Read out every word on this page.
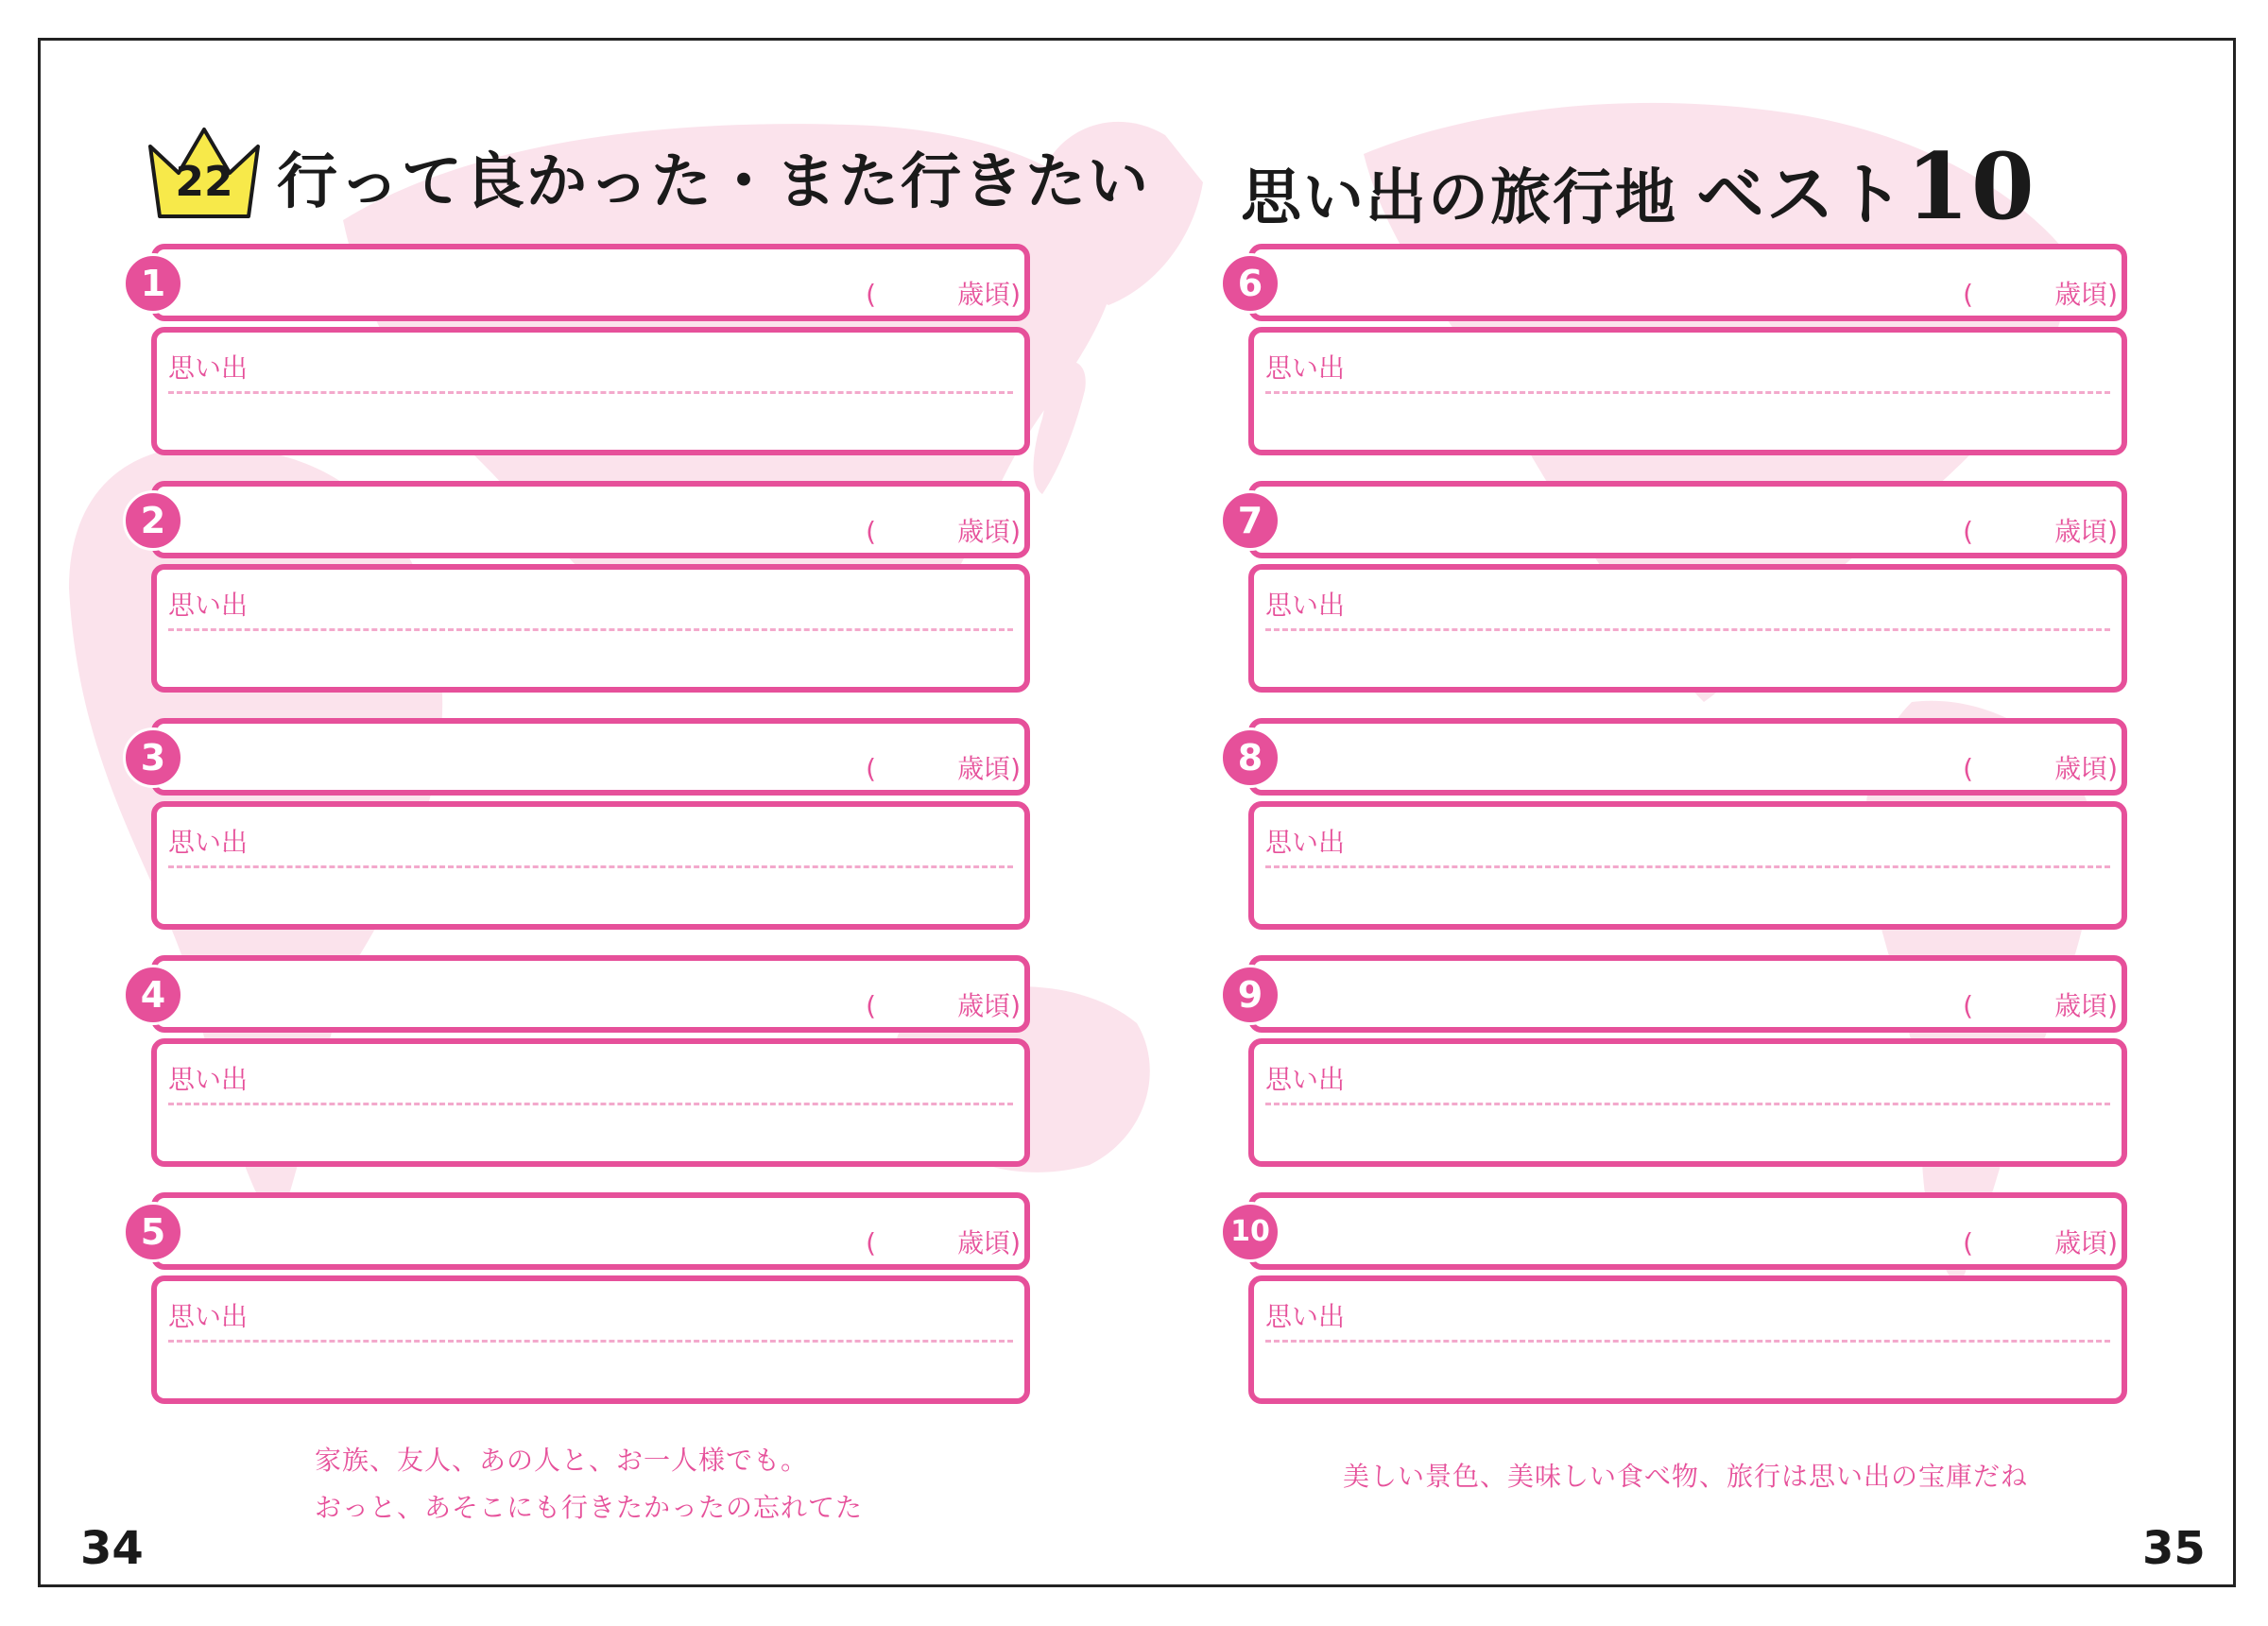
22 行って良かった・また行きたい 思い出の旅行地 ベスト10
1	(	歳頃)
思い出
2	(	歳頃)
思い出
3	(	歳頃)
思い出
4	(	歳頃)
思い出
5	(	歳頃)
思い出
6	(	歳頃)
思い出
7	(	歳頃)
思い出
8	(	歳頃)
思い出
9	(	歳頃)
思い出
10	(	歳頃)
思い出
家族、友人、あの人と、お一人様でも。
おっと、あそこにも行きたかったの忘れてた
美しい景色、美味しい食べ物、旅行は思い出の宝庫だね
34	35
